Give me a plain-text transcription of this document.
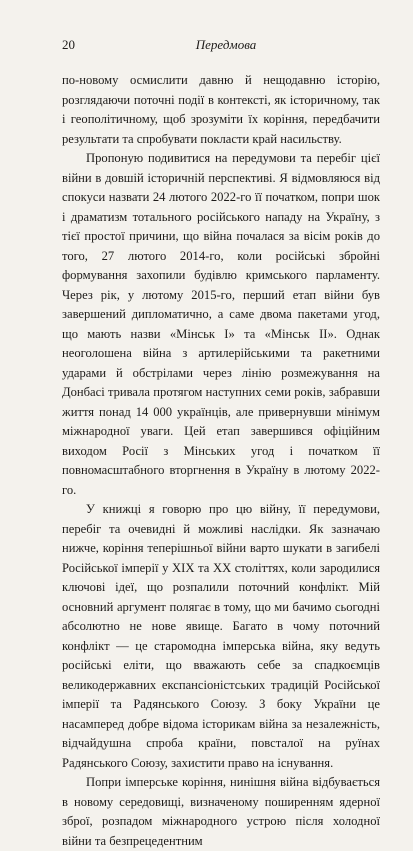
20	Передмова

по-новому осмислити давню й нещодавню історію, розглядаючи поточні події в контексті, як історичному, так і геополітичному, щоб зрозуміти їх коріння, передбачити результати та спробувати покласти край насильству.

Пропоную подивитися на передумови та перебіг цієї війни в довшій історичній перспективі. Я відмовляюся від спокуси назвати 24 лютого 2022-го її початком, попри шок і драматизм тотального російського нападу на Україну, з тієї простої причини, що війна почалася за вісім років до того, 27 лютого 2014-го, коли російські збройні формування захопили будівлю кримського парламенту. Через рік, у лютому 2015-го, перший етап війни був завершений дипломатично, а саме двома пакетами угод, що мають назви «Мінськ І» та «Мінськ ІІ». Однак неоголошена війна з артилерійськими та ракетними ударами й обстрілами через лінію розмежування на Донбасі тривала протягом наступних семи років, забравши життя понад 14 000 українців, але привернувши мінімум міжнародної уваги. Цей етап завершився офіційним виходом Росії з Мінських угод і початком її повномасштабного вторгнення в Україну в лютому 2022-го.

У книжці я говорю про цю війну, її передумови, перебіг та очевидні й можливі наслідки. Як зазначаю нижче, коріння теперішньої війни варто шукати в загибелі Російської імперії у XIX та XX століттях, коли зародилися ключові ідеї, що розпалили поточний конфлікт. Мій основний аргумент полягає в тому, що ми бачимо сьогодні абсолютно не нове явище. Багато в чому поточний конфлікт — це старомодна імперська війна, яку ведуть російські еліти, що вважають себе за спадкоємців великодержавних експансіоністських традицій Російської імперії та Радянського Союзу. З боку України це насамперед добре відома історикам війна за незалежність, відчайдушна спроба країни, повсталої на руїнах Радянського Союзу, захистити право на існування.

Попри імперське коріння, нинішня війна відбувається в новому середовищі, визначеному поширенням ядерної зброї, розпадом міжнародного устрою після холодної війни та безпрецедентним
